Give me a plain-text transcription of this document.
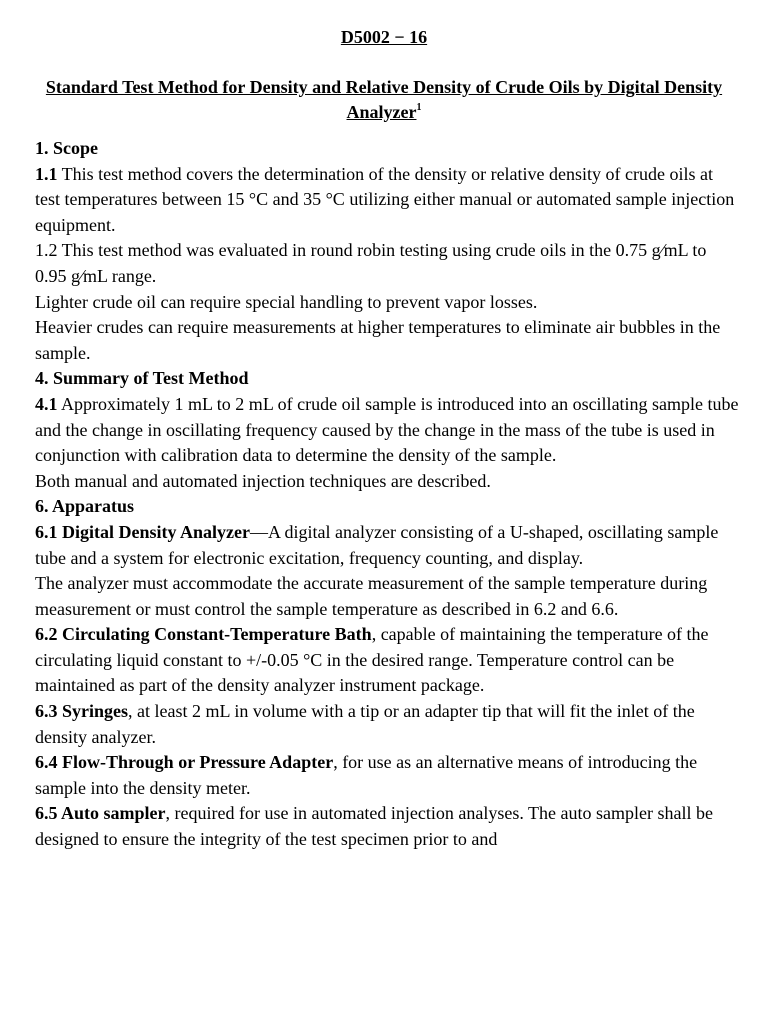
D5002 − 16
Standard Test Method for Density and Relative Density of Crude Oils by Digital Density Analyzer$^1$

1. Scope

1.1 This test method covers the determination of the density or relative density of crude oils at test temperatures between 15 °C and 35 °C utilizing either manual or automated sample injection equipment.

1.2 This test method was evaluated in round robin testing using crude oils in the 0.75 g⁄mL to 0.95 g⁄mL range.

Lighter crude oil can require special handling to prevent vapor losses.

Heavier crudes can require measurements at higher temperatures to eliminate air bubbles in the sample.

4. Summary of Test Method

4.1 Approximately 1 mL to 2 mL of crude oil sample is introduced into an oscillating sample tube and the change in oscillating frequency caused by the change in the mass of the tube is used in conjunction with calibration data to determine the density of the sample.

Both manual and automated injection techniques are described.

6. Apparatus

6.1 Digital Density Analyzer—A digital analyzer consisting of a U-shaped, oscillating sample tube and a system for electronic excitation, frequency counting, and display.

The analyzer must accommodate the accurate measurement of the sample temperature during measurement or must control the sample temperature as described in 6.2 and 6.6.

6.2 Circulating Constant-Temperature Bath, capable of maintaining the temperature of the circulating liquid constant to +/-0.05 °C in the desired range. Temperature control can be maintained as part of the density analyzer instrument package.

6.3 Syringes, at least 2 mL in volume with a tip or an adapter tip that will fit the inlet of the density analyzer.

6.4 Flow-Through or Pressure Adapter, for use as an alternative means of introducing the sample into the density meter.

6.5 Auto sampler, required for use in automated injection analyses. The auto sampler shall be designed to ensure the integrity of the test specimen prior to and
